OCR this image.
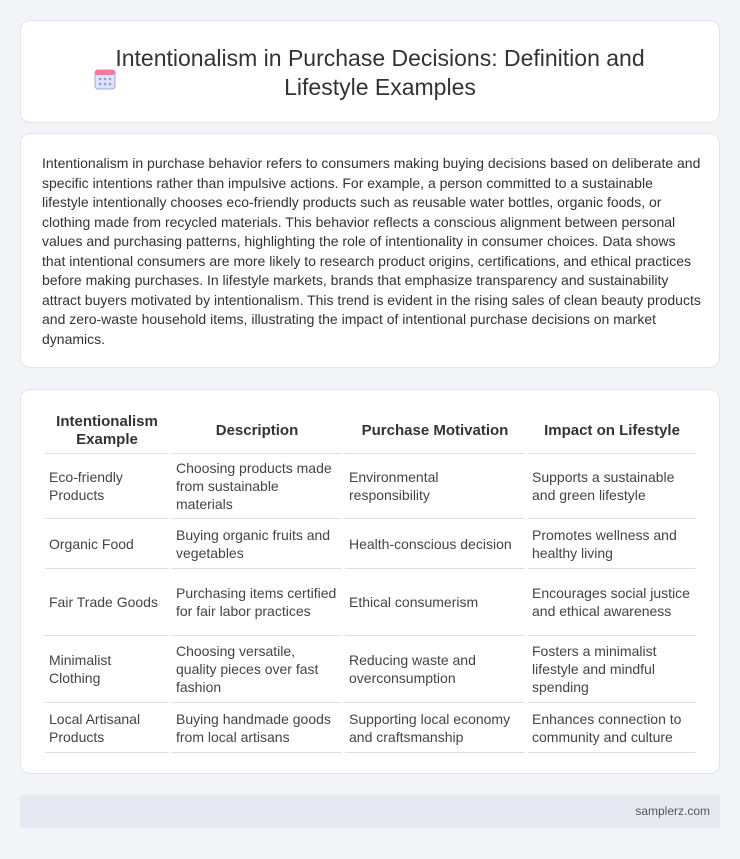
Intentionalism in Purchase Decisions: Definition and Lifestyle Examples

Intentionalism in purchase behavior refers to consumers making buying decisions based on deliberate and specific intentions rather than impulsive actions. For example, a person committed to a sustainable lifestyle intentionally chooses eco-friendly products such as reusable water bottles, organic foods, or clothing made from recycled materials. This behavior reflects a conscious alignment between personal values and purchasing patterns, highlighting the role of intentionality in consumer choices. Data shows that intentional consumers are more likely to research product origins, certifications, and ethical practices before making purchases. In lifestyle markets, brands that emphasize transparency and sustainability attract buyers motivated by intentionalism. This trend is evident in the rising sales of clean beauty products and zero-waste household items, illustrating the impact of intentional purchase decisions on market dynamics.

Intentionalism Example	Description	Purchase Motivation	Impact on Lifestyle
Eco-friendly Products	Choosing products made from sustainable materials	Environmental responsibility	Supports a sustainable and green lifestyle
Organic Food	Buying organic fruits and vegetables	Health-conscious decision	Promotes wellness and healthy living
Fair Trade Goods	Purchasing items certified for fair labor practices	Ethical consumerism	Encourages social justice and ethical awareness
Minimalist Clothing	Choosing versatile, quality pieces over fast fashion	Reducing waste and overconsumption	Fosters a minimalist lifestyle and mindful spending
Local Artisanal Products	Buying handmade goods from local artisans	Supporting local economy and craftsmanship	Enhances connection to community and culture
samplerz.com
